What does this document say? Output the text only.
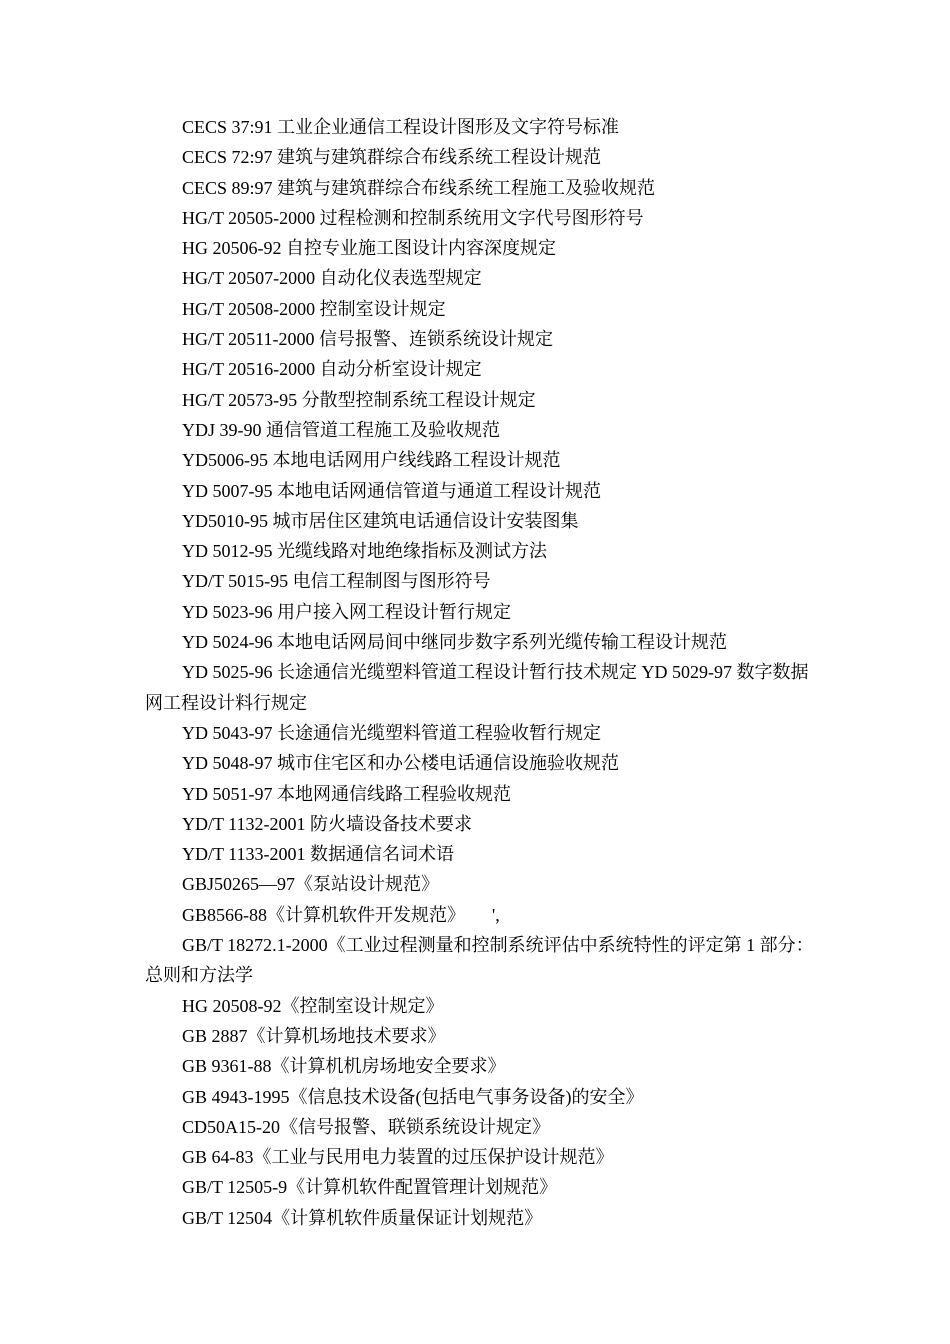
CECS 37:91 工业企业通信工程设计图形及文字符号标准

CECS 72:97 建筑与建筑群综合布线系统工程设计规范

CECS 89:97 建筑与建筑群综合布线系统工程施工及验收规范

HG/T 20505-2000 过程检测和控制系统用文字代号图形符号

HG 20506-92 自控专业施工图设计内容深度规定

HG/T 20507-2000 自动化仪表选型规定

HG/T 20508-2000 控制室设计规定

HG/T 20511-2000 信号报警、连锁系统设计规定

HG/T 20516-2000 自动分析室设计规定

HG/T 20573-95 分散型控制系统工程设计规定

YDJ 39-90 通信管道工程施工及验收规范

YD5006-95 本地电话网用户线线路工程设计规范

YD 5007-95 本地电话网通信管道与通道工程设计规范

YD5010-95 城市居住区建筑电话通信设计安装图集

YD 5012-95 光缆线路对地绝缘指标及测试方法

YD/T 5015-95 电信工程制图与图形符号

YD 5023-96 用户接入网工程设计暂行规定

YD 5024-96 本地电话网局间中继同步数字系列光缆传输工程设计规范

YD 5025-96 长途通信光缆塑料管道工程设计暂行技术规定 YD 5029-97 数字数据网工程设计料行规定

YD 5043-97 长途通信光缆塑料管道工程验收暂行规定

YD 5048-97 城市住宅区和办公楼电话通信设施验收规范

YD 5051-97 本地网通信线路工程验收规范

YD/T 1132-2001 防火墙设备技术要求

YD/T 1133-2001 数据通信名词术语

GBJ50265—97《泵站设计规范》

GB8566-88《计算机软件开发规范》　　',

GB/T 18272.1-2000《工业过程测量和控制系统评估中系统特性的评定第 1 部分：　总则和方法学

HG 20508-92《控制室设计规定》

GB 2887《计算机场地技术要求》

GB 9361-88《计算机机房场地安全要求》

GB 4943-1995《信息技术设备(包括电气事务设备)的安全》

CD50A15-20《信号报警、联锁系统设计规定》

GB 64-83《工业与民用电力装置的过压保护设计规范》

GB/T 12505-9《计算机软件配置管理计划规范》

GB/T 12504《计算机软件质量保证计划规范》
